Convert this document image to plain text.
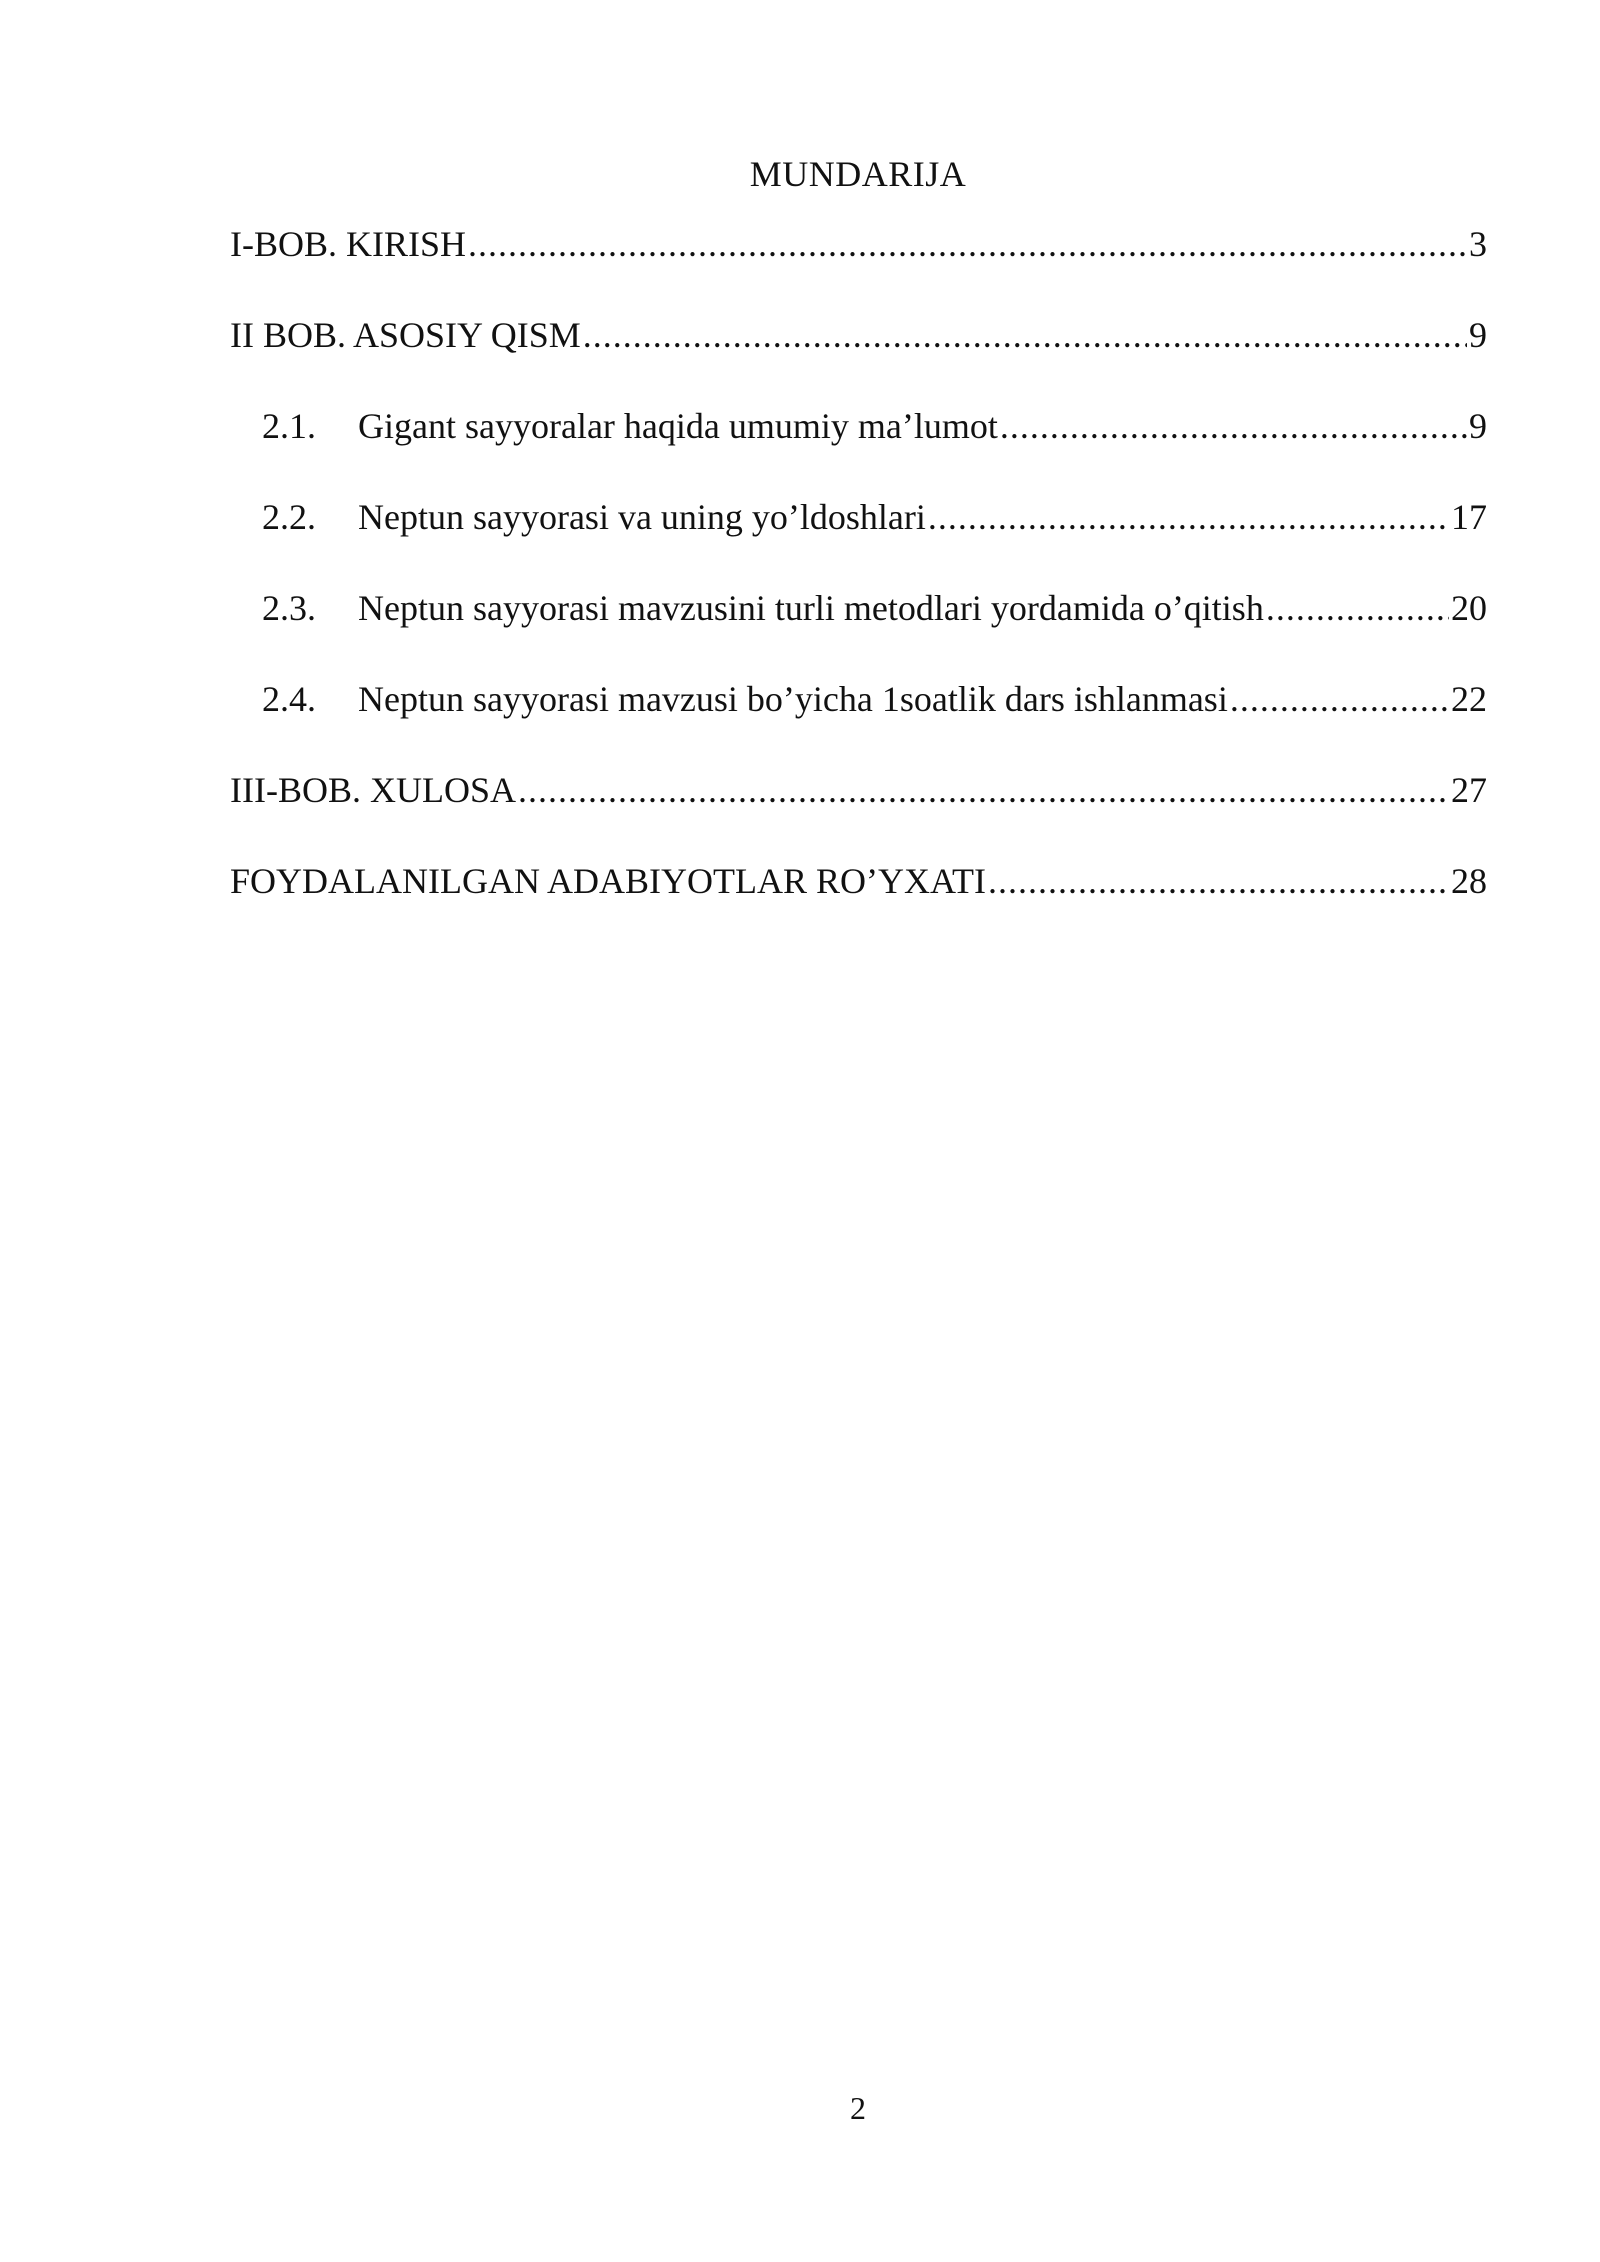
MUNDARIJA
I-BOB. KIRISH .....	3
II BOB. ASOSIY QISM .....	9
2.1.	Gigant sayyoralar haqida umumiy ma’lumot .....	9
2.2.	Neptun sayyorasi va uning yo’ldoshlari .....	17
2.3.	Neptun sayyorasi mavzusini turli metodlari yordamida o’qitish .....	20
2.4.	Neptun sayyorasi mavzusi bo’yicha 1soatlik dars ishlanmasi .....	22
III-BOB. XULOSA .....	27
FOYDALANILGAN ADABIYOTLAR RO’YXATI .....	28
2
